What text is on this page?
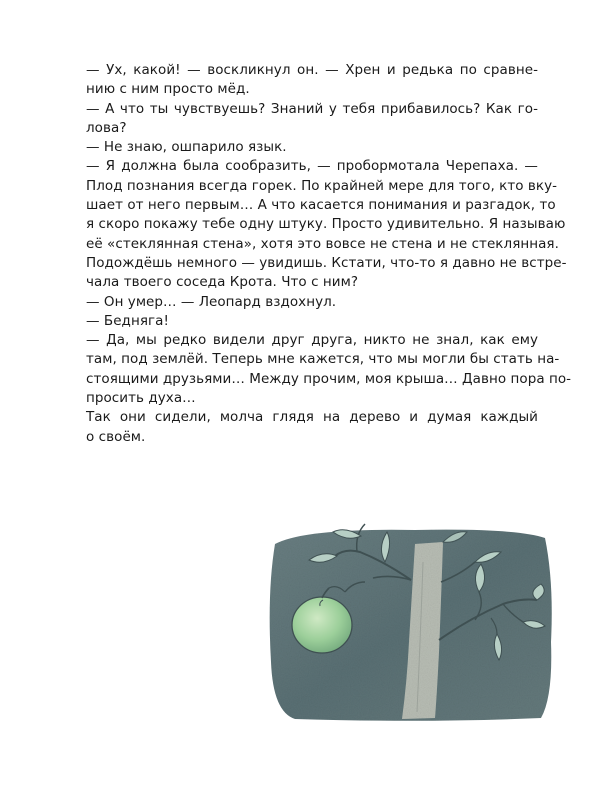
— Ух, какой! — воскликнул он. — Хрен и редька по сравне-
нию с ним просто мёд.
— А что ты чувствуешь? Знаний у тебя прибавилось? Как го-
лова?
— Не знаю, ошпарило язык.
— Я должна была сообразить, — пробормотала Черепаха. —
Плод познания всегда горек. По крайней мере для того, кто вку-
шает от него первым… А что касается понимания и разгадок, то
я скоро покажу тебе одну штуку. Просто удивительно. Я называю
её «стеклянная стена», хотя это вовсе не стена и не стеклянная.
Подождёшь немного — увидишь. Кстати, что-то я давно не встре-
чала твоего соседа Крота. Что с ним?
— Он умер… — Леопард вздохнул.
— Бедняга!
— Да, мы редко видели друг друга, никто не знал, как ему
там, под землёй. Теперь мне кажется, что мы могли бы стать на-
стоящими друзьями… Между прочим, моя крыша… Давно пора по-
просить духа…
Так они сидели, молча глядя на дерево и думая каждый
о своём.
